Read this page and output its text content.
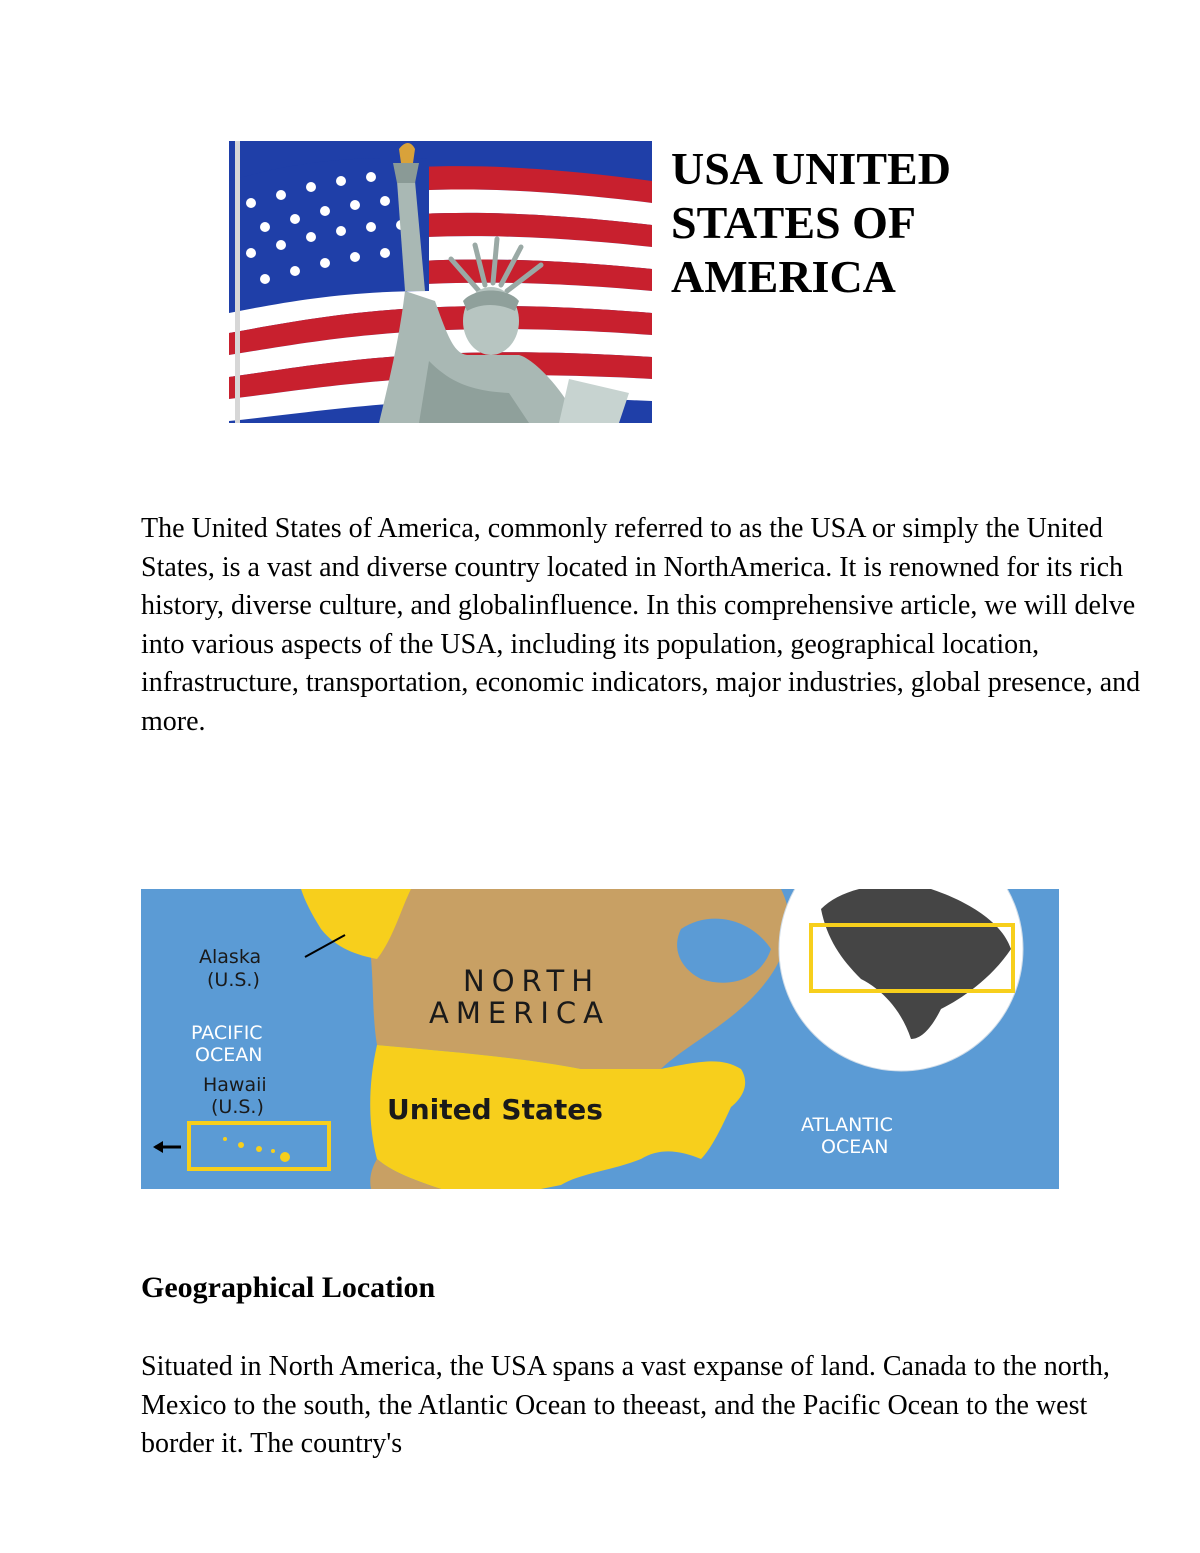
USA UNITED STATES OF AMERICA

The United States of America, commonly referred to as the USA or simply the United States, is a vast and diverse country located in NorthAmerica. It is renowned for its rich history, diverse culture, and globalinfluence. In this comprehensive article, we will delve into various aspects of the USA, including its population, geographical location, infrastructure, transportation, economic indicators, major industries, global presence, and more.

Alaska
(U.S.)
PACIFIC
OCEAN
Hawaii
(U.S.)
NORTH
AMERICA
United States	ATLANTIC
OCEAN
Geographical Location

Situated in North America, the USA spans a vast expanse of land. Canada to the north, Mexico to the south, the Atlantic Ocean to theeast, and the Pacific Ocean to the west border it. The country's
